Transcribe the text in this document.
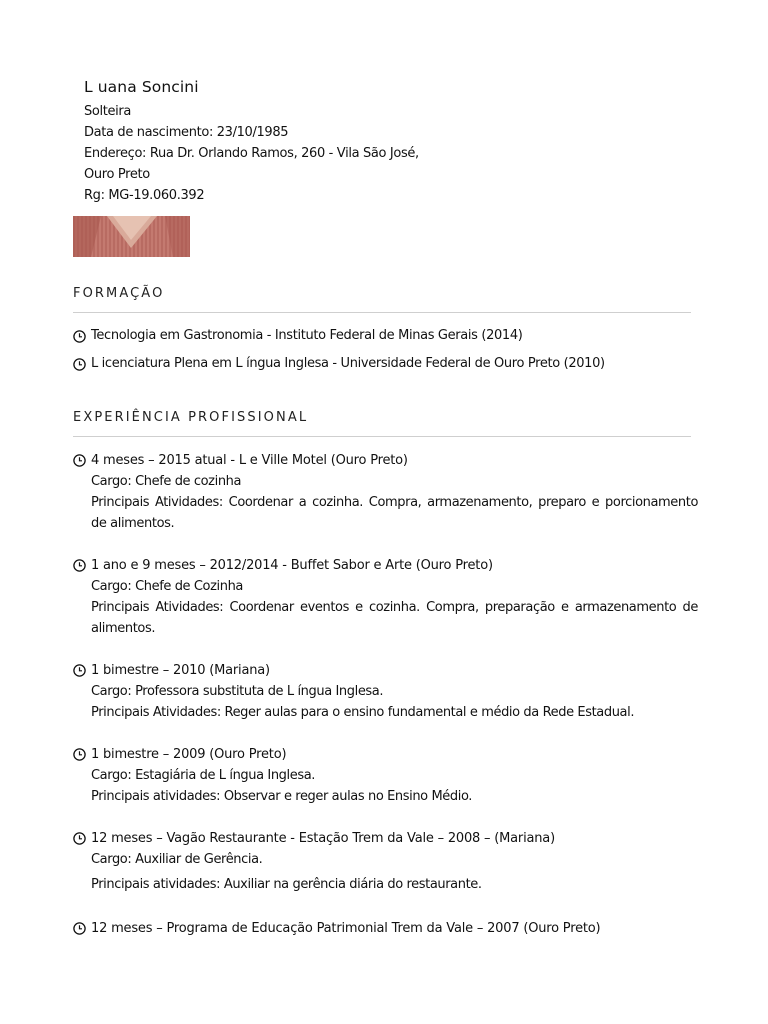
L uana Soncini
Solteira
Data de nascimento: 23/10/1985
Endereço: Rua Dr. Orlando Ramos, 260 - Vila São José,
Ouro Preto
Rg: MG-19.060.392
FORMAÇÃO
Tecnologia em Gastronomia - Instituto Federal de Minas Gerais (2014)
L icenciatura Plena em L íngua Inglesa - Universidade Federal de Ouro Preto (2010)
EXPERIÊNCIA PROFISSIONAL
4 meses – 2015 atual - L e Ville Motel (Ouro Preto)
Cargo: Chefe de cozinha
Principais Atividades: Coordenar a cozinha. Compra, armazenamento, preparo e porcionamento de alimentos.
1 ano e 9 meses – 2012/2014 - Buffet Sabor e Arte (Ouro Preto)
Cargo: Chefe de Cozinha
Principais Atividades: Coordenar eventos e cozinha. Compra, preparação e armazenamento de alimentos.
1 bimestre – 2010 (Mariana)
Cargo: Professora substituta de L íngua Inglesa.
Principais Atividades: Reger aulas para o ensino fundamental e médio da Rede Estadual.
1 bimestre – 2009 (Ouro Preto)
Cargo: Estagiária de L íngua Inglesa.
Principais atividades: Observar e reger aulas no Ensino Médio.
12 meses – Vagão Restaurante - Estação Trem da Vale – 2008 – (Mariana)
Cargo: Auxiliar de Gerência.
Principais atividades: Auxiliar na gerência diária do restaurante.
12 meses – Programa de Educação Patrimonial Trem da Vale – 2007 (Ouro Preto)
